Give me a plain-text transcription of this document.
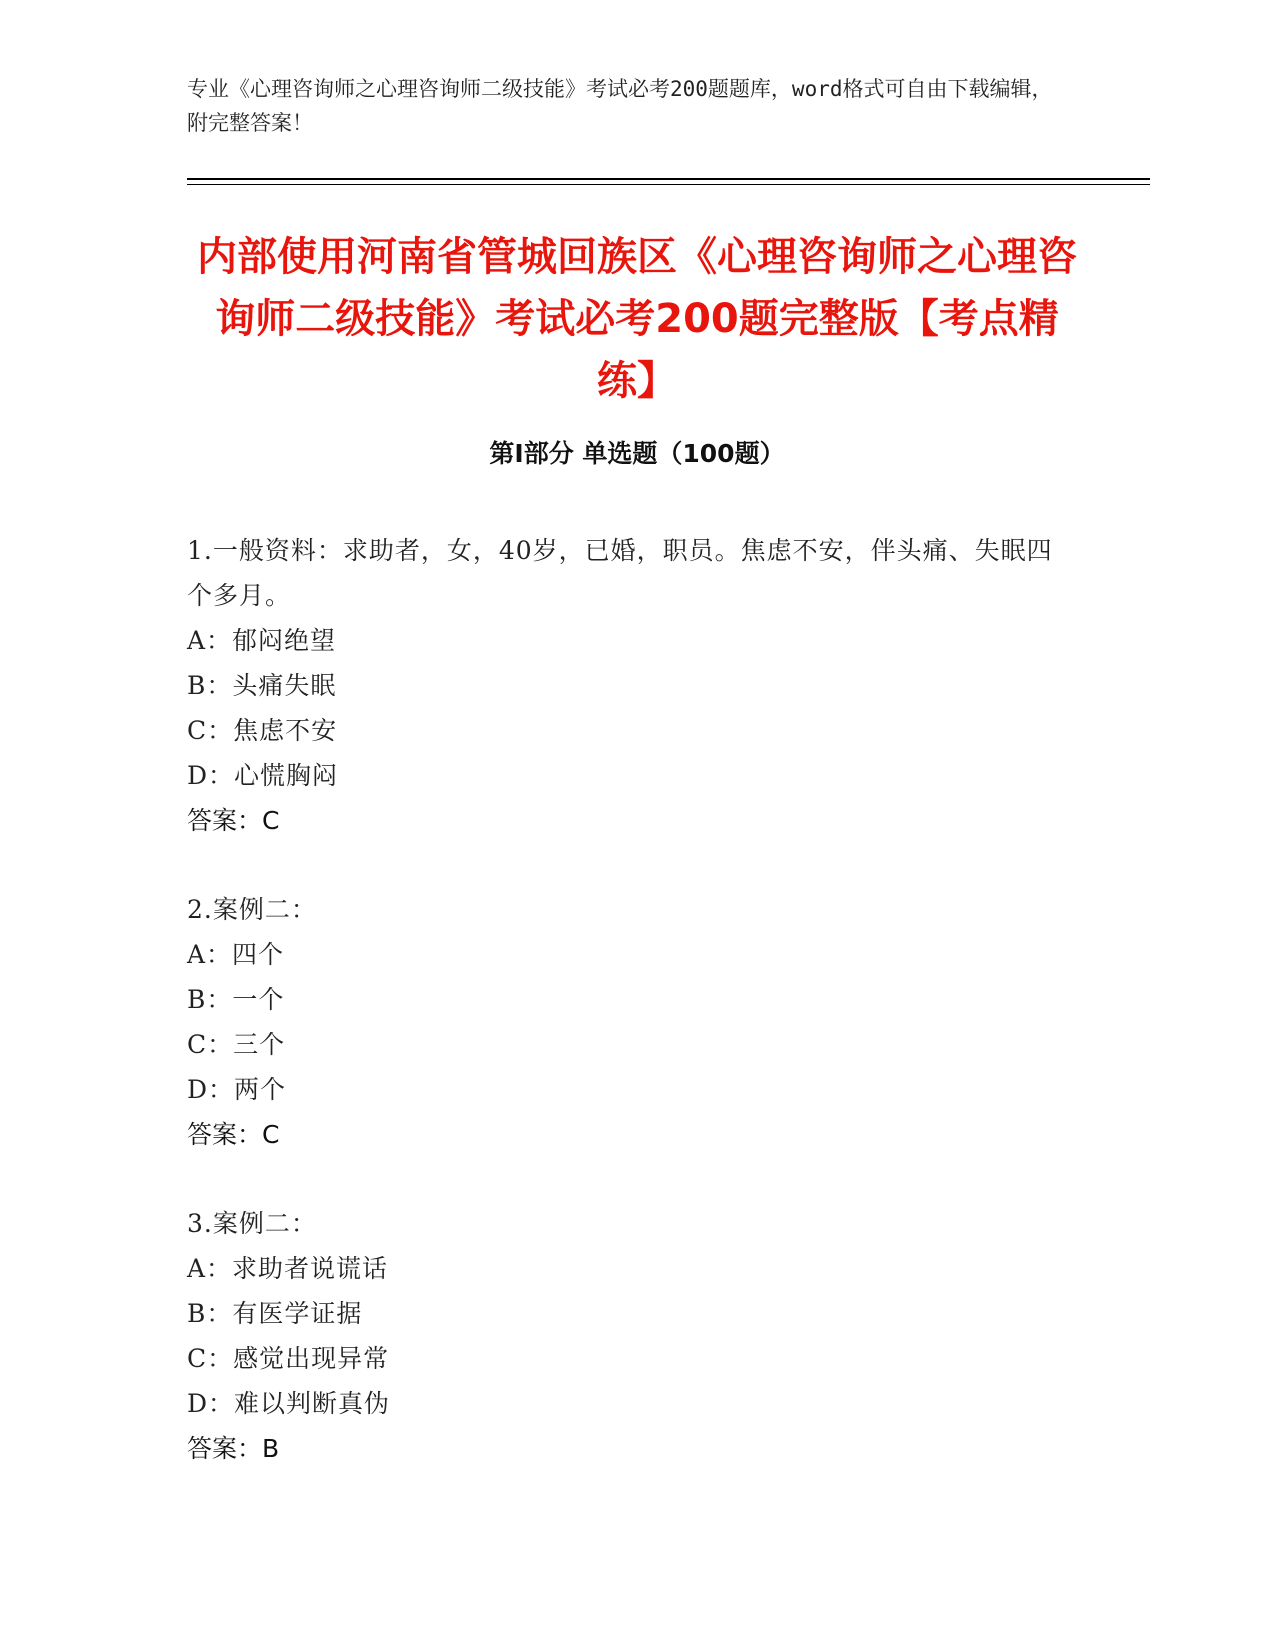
专业《心理咨询师之心理咨询师二级技能》考试必考200题题库，word格式可自由下载编辑，附完整答案！

内部使用河南省管城回族区《心理咨询师之心理咨询师二级技能》考试必考200题完整版【考点精练】
第I部分 单选题（100题）

1.一般资料：求助者，女，40岁，已婚，职员。焦虑不安，伴头痛、失眠四个多月。

A：郁闷绝望

B：头痛失眠

C：焦虑不安

D：心慌胸闷

答案：C

2.案例二：

A：四个

B：一个

C：三个

D：两个

答案：C

3.案例二：

A：求助者说谎话

B：有医学证据

C：感觉出现异常

D：难以判断真伪

答案：B
